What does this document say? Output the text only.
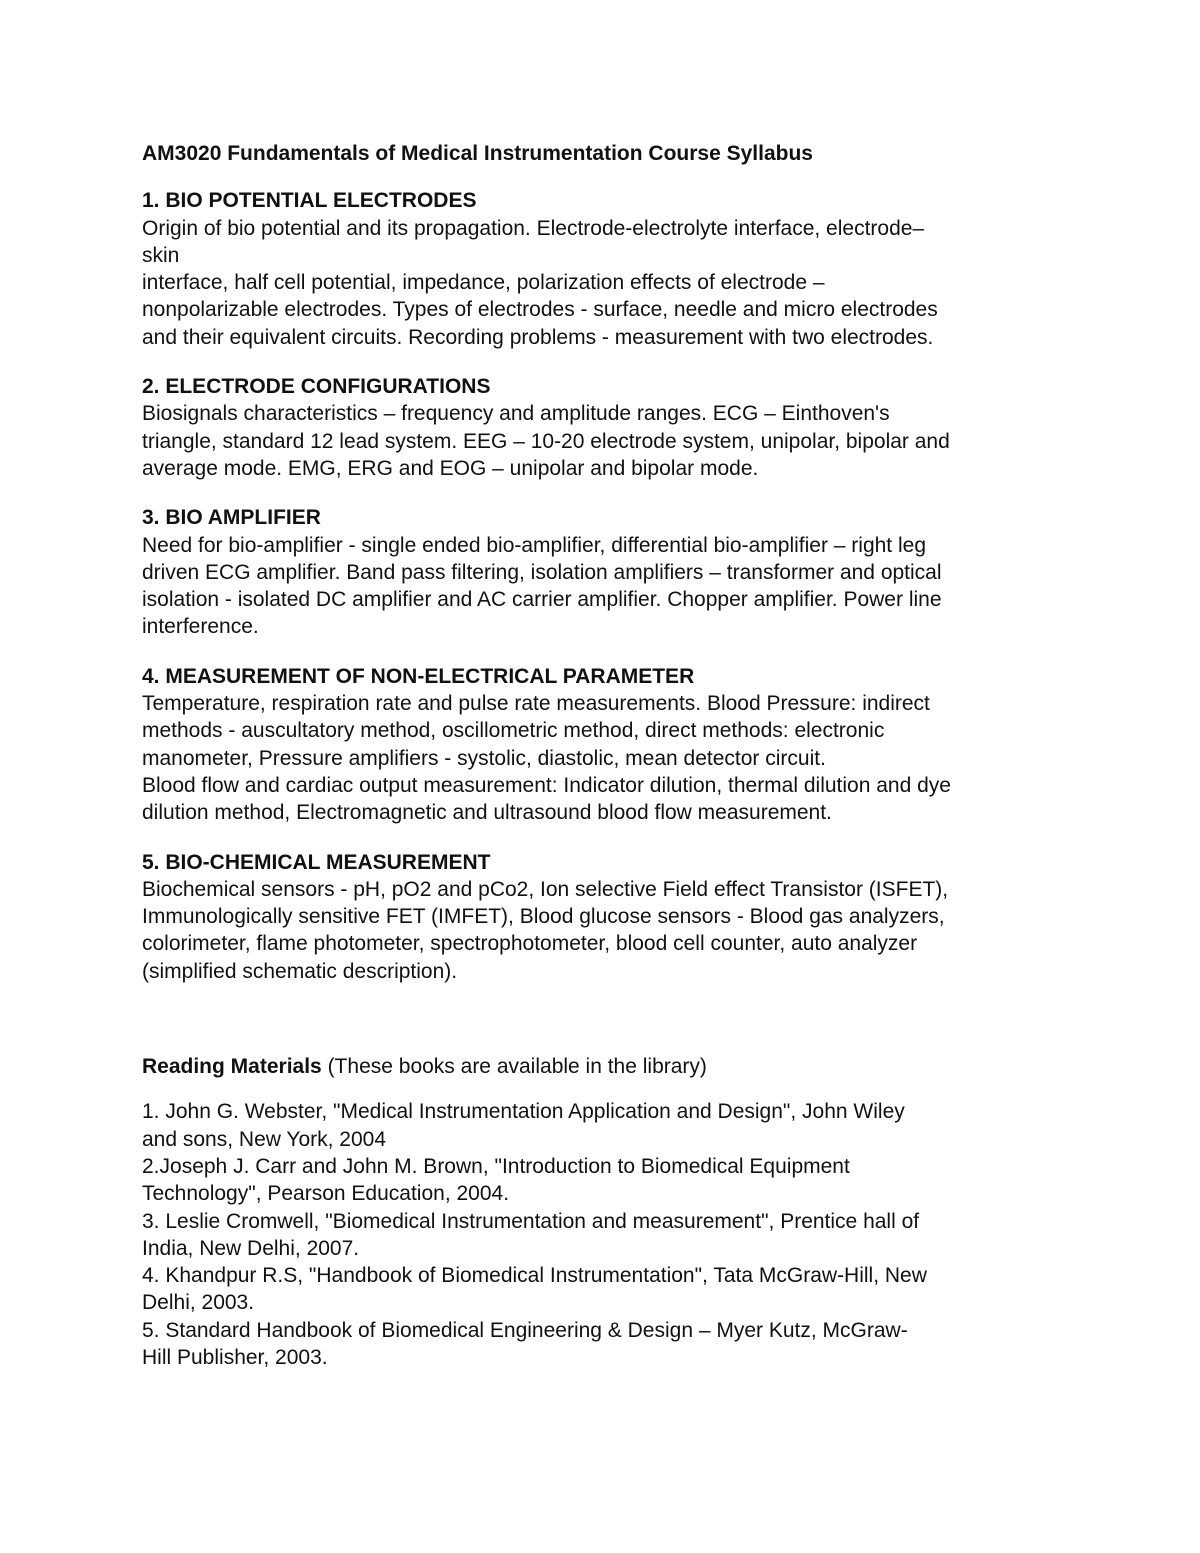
AM3020 Fundamentals of Medical Instrumentation Course Syllabus
1. BIO POTENTIAL ELECTRODES
Origin of bio potential and its propagation. Electrode-electrolyte interface, electrode–
skin
interface, half cell potential, impedance, polarization effects of electrode –
nonpolarizable electrodes. Types of electrodes - surface, needle and micro electrodes
and their equivalent circuits. Recording problems - measurement with two electrodes.
2. ELECTRODE CONFIGURATIONS
Biosignals characteristics – frequency and amplitude ranges. ECG – Einthoven's
triangle, standard 12 lead system. EEG – 10-20 electrode system, unipolar, bipolar and
average mode. EMG, ERG and EOG – unipolar and bipolar mode.
3. BIO AMPLIFIER
Need for bio-amplifier - single ended bio-amplifier, differential bio-amplifier – right leg
driven ECG amplifier. Band pass filtering, isolation amplifiers – transformer and optical
isolation - isolated DC amplifier and AC carrier amplifier. Chopper amplifier. Power line
interference.
4. MEASUREMENT OF NON-ELECTRICAL PARAMETER
Temperature, respiration rate and pulse rate measurements. Blood Pressure: indirect
methods - auscultatory method, oscillometric method, direct methods: electronic
manometer, Pressure amplifiers - systolic, diastolic, mean detector circuit.
Blood flow and cardiac output measurement: Indicator dilution, thermal dilution and dye
dilution method, Electromagnetic and ultrasound blood flow measurement.
5. BIO-CHEMICAL MEASUREMENT
Biochemical sensors - pH, pO2 and pCo2, Ion selective Field effect Transistor (ISFET),
Immunologically sensitive FET (IMFET), Blood glucose sensors - Blood gas analyzers,
colorimeter, flame photometer, spectrophotometer, blood cell counter, auto analyzer
(simplified schematic description).
Reading Materials (These books are available in the library)
1. John G. Webster, "Medical Instrumentation Application and Design", John Wiley
and sons, New York, 2004
2.Joseph J. Carr and John M. Brown, "Introduction to Biomedical Equipment
Technology", Pearson Education, 2004.
3. Leslie Cromwell, "Biomedical Instrumentation and measurement", Prentice hall of
India, New Delhi, 2007.
4. Khandpur R.S, "Handbook of Biomedical Instrumentation", Tata McGraw-Hill, New
Delhi, 2003.
5. Standard Handbook of Biomedical Engineering & Design – Myer Kutz, McGraw-
Hill Publisher, 2003.
